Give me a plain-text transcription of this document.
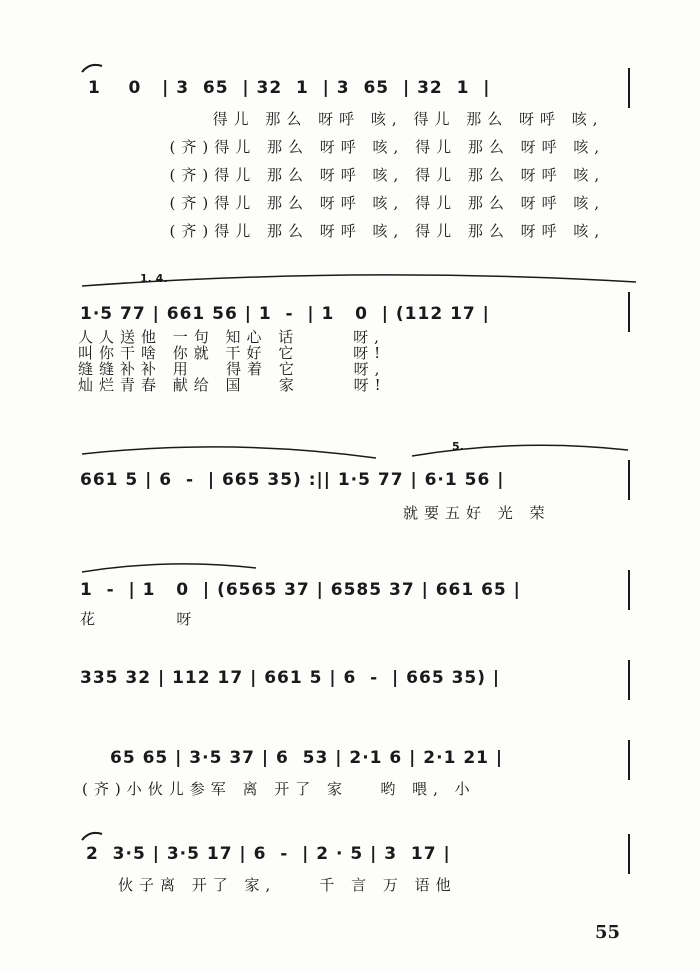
1    0   | 3  65  | 32  1  | 3  65  | 32  1  |
得儿 那么 呀呼 咳, 得儿 那么 呀呼 咳,
(齐)得儿 那么 呀呼 咳, 得儿 那么 呀呼 咳,
(齐)得儿 那么 呀呼 咳, 得儿 那么 呀呼 咳,
(齐)得儿 那么 呀呼 咳, 得儿 那么 呀呼 咳,
(齐)得儿 那么 呀呼 咳, 得儿 那么 呀呼 咳,
1. 4.
1·5 77 | 661 56 | 1  -  | 1   0  | (112 17 |
人人送他 一句 知心 话     呀,
叫你干啥 你就 干好 它     呀!
缝缝补补 用   得着 它     呀,
灿烂青春 献给 国   家     呀!
5.
661 5 | 6  -  | 665 35) :|| 1·5 77 | 6·1 56 |
就要五好 光 荣
1  -  | 1   0  | (6565 37 | 6585 37 | 661 65 |
花       呀
335 32 | 112 17 | 661 5 | 6  -  | 665 35) |
65 65 | 3·5 37 | 6  53 | 2·1 6 | 2·1 21 |
(齐)小伙儿参军 离 开了 家   哟 喂, 小
2  3·5 | 3·5 17 | 6  -  | 2 · 5 | 3  17 |
伙子离 开了 家,    千 言 万 语他
55
